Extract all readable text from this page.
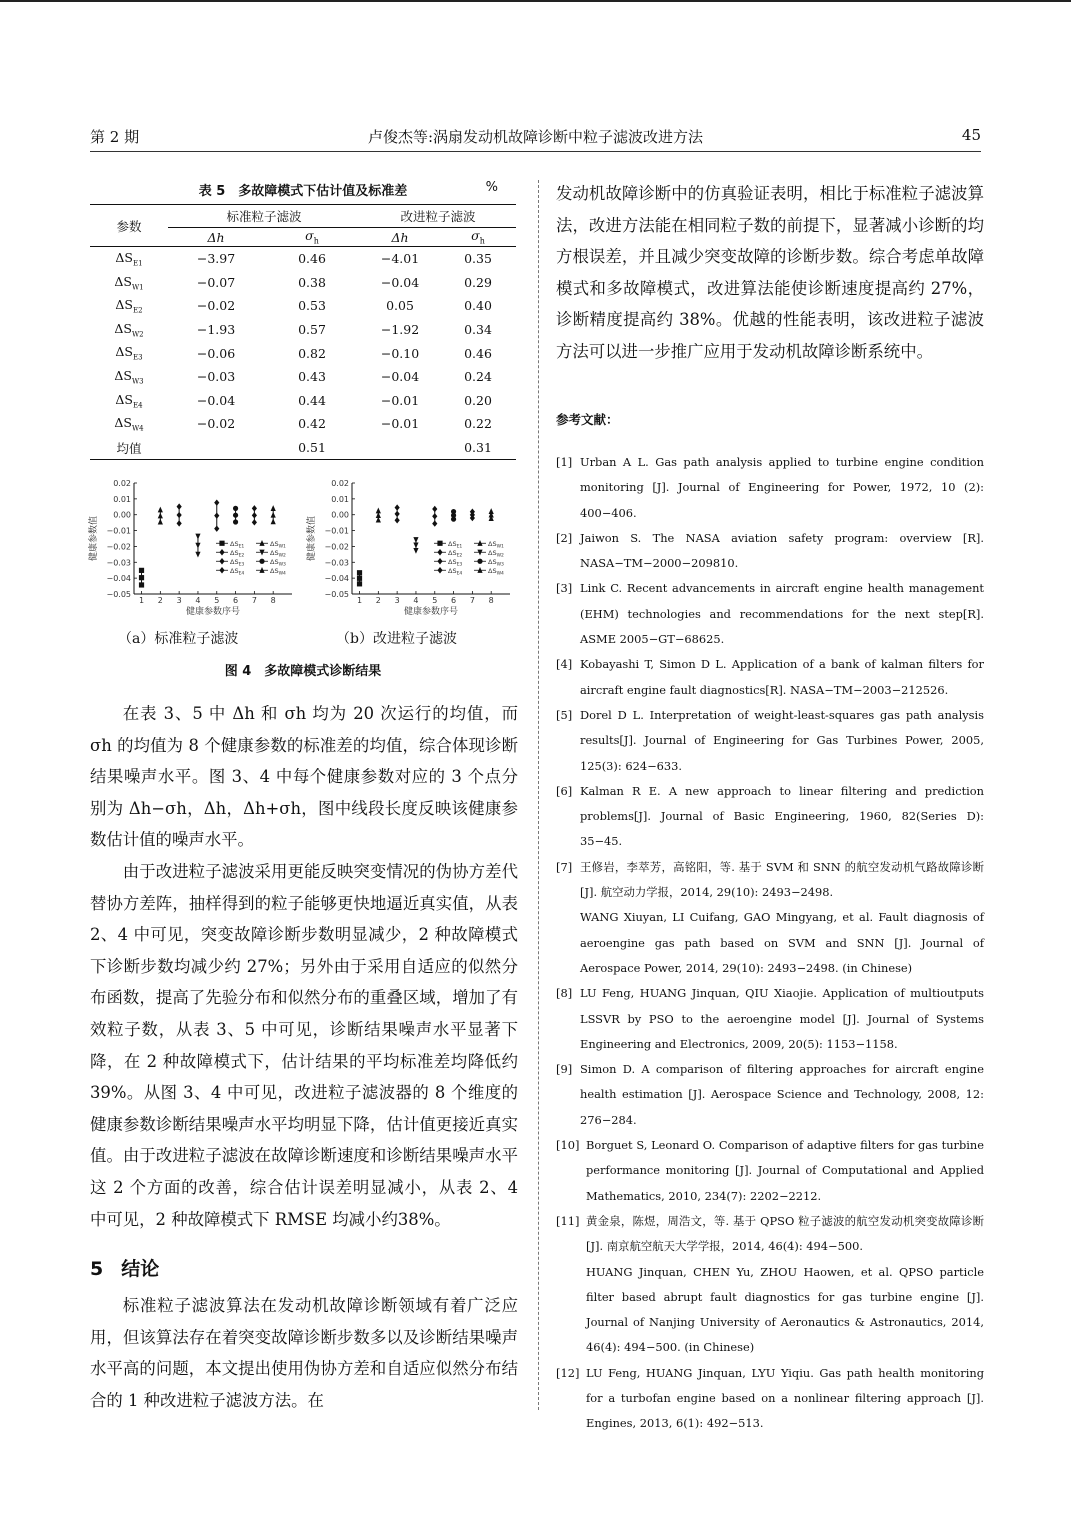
第 2 期	卢俊杰等:涡扇发动机故障诊断中粒子滤波改进方法	45
表 5　多故障模式下估计值及标准差	%
参数	标准粒子滤波		改进粒子滤波	
	Δh	$\sigma_h$	Δh	$\sigma_h$
$\Delta S_{E1}$	−3.97	0.46	−4.01	0.35
$\Delta S_{W1}$	−0.07	0.38	−0.04	0.29
$\Delta S_{E2}$	−0.02	0.53	0.05	0.40
$\Delta S_{W2}$	−1.93	0.57	−1.92	0.34
$\Delta S_{E3}$	−0.06	0.82	−0.10	0.46
$\Delta S_{W3}$	−0.03	0.43	−0.04	0.24
$\Delta S_{E4}$	−0.04	0.44	−0.01	0.20
$\Delta S_{W4}$	−0.02	0.42	−0.01	0.22
均值		0.51		0.31
0.02
0.01
0.00
−0.01
−0.02
−0.03
−0.04
−0.05
1 2 3 4 5 6 7 8
健康参数序号
健康参数值	$\Delta S_{E1}$	$\Delta S_{W1}$
$\Delta S_{E2}$	$\Delta S_{W2}$
$\Delta S_{E3}$	$\Delta S_{W3}$
$\Delta S_{E4}$	$\Delta S_{W4}$
0.02
0.01
0.00
−0.01
−0.02
−0.03
−0.04
−0.05
1 2 3 4 5 6 7 8
健康参数序号
健康参数值	$\Delta S_{E1}$	$\Delta S_{W1}$
$\Delta S_{E2}$	$\Delta S_{W2}$
$\Delta S_{E3}$	$\Delta S_{W3}$
$\Delta S_{E4}$	$\Delta S_{W4}$
（a）标准粒子滤波	（b）改进粒子滤波
图 4　多故障模式诊断结果

在表 3、5 中 Δh 和 σh 均为 20 次运行的均值，而 σh 的均值为 8 个健康参数的标准差的均值，综合体现诊断结果噪声水平。图 3、4 中每个健康参数对应的 3 个点分别为 Δh−σh，Δh，Δh+σh，图中线段长度反映该健康参数估计值的噪声水平。

由于改进粒子滤波采用更能反映突变情况的伪协方差代替协方差阵，抽样得到的粒子能够更快地逼近真实值，从表 2、4 中可见，突变故障诊断步数明显减少，2 种故障模式下诊断步数均减少约 27%；另外由于采用自适应的似然分布函数，提高了先验分布和似然分布的重叠区域，增加了有效粒子数，从表 3、5 中可见，诊断结果噪声水平显著下降，在 2 种故障模式下，估计结果的平均标准差均降低约 39%。从图 3、4 中可见，改进粒子滤波器的 8 个维度的健康参数诊断结果噪声水平均明显下降，估计值更接近真实值。由于改进粒子滤波在故障诊断速度和诊断结果噪声水平这 2 个方面的改善，综合估计误差明显减小，从表 2、4 中可见，2 种故障模式下 RMSE 均减小约38%。

5 结论

标准粒子滤波算法在发动机故障诊断领域有着广泛应用，但该算法存在着突变故障诊断步数多以及诊断结果噪声水平高的问题，本文提出使用伪协方差和自适应似然分布结合的 1 种改进粒子滤波方法。在

发动机故障诊断中的仿真验证表明，相比于标准粒子滤波算法，改进方法能在相同粒子数的前提下，显著减小诊断的均方根误差，并且减少突变故障的诊断步数。综合考虑单故障模式和多故障模式，改进算法能使诊断速度提高约 27%，诊断精度提高约 38%。优越的性能表明，该改进粒子滤波方法可以进一步推广应用于发动机故障诊断系统中。
参考文献：
[1] Urban A L. Gas path analysis applied to turbine engine condition monitoring [J]. Journal of Engineering for Power, 1972, 10 (2): 400−406.
[2] Jaiwon S. The NASA aviation safety program: overview [R]. NASA−TM−2000−209810.
[3] Link C. Recent advancements in aircraft engine health management (EHM) technologies and recommendations for the next step[R]. ASME 2005−GT−68625.
[4] Kobayashi T, Simon D L. Application of a bank of kalman filters for aircraft engine fault diagnostics[R]. NASA−TM−2003−212526.
[5] Dorel D L. Interpretation of weight-least-squares gas path analysis results[J]. Journal of Engineering for Gas Turbines Power, 2005, 125(3): 624−633.
[6] Kalman R E. A new approach to linear filtering and prediction problems[J]. Journal of Basic Engineering, 1960, 82(Series D): 35−45.
[7] 王修岩，李萃芳，高铭阳，等. 基于 SVM 和 SNN 的航空发动机气路故障诊断[J]. 航空动力学报，2014, 29(10): 2493−2498.
WANG Xiuyan, LI Cuifang, GAO Mingyang, et al. Fault diagnosis of aeroengine gas path based on SVM and SNN [J]. Journal of Aerospace Power, 2014, 29(10): 2493−2498. (in Chinese)
[8] LU Feng, HUANG Jinquan, QIU Xiaojie. Application of multioutputs LSSVR by PSO to the aeroengine model [J]. Journal of Systems Engineering and Electronics, 2009, 20(5): 1153−1158.
[9] Simon D. A comparison of filtering approaches for aircraft engine health estimation [J]. Aerospace Science and Technology, 2008, 12: 276−284.
[10] Borguet S, Leonard O. Comparison of adaptive filters for gas turbine performance monitoring [J]. Journal of Computational and Applied Mathematics, 2010, 234(7): 2202−2212.
[11] 黄金泉，陈煜，周浩文，等. 基于 QPSO 粒子滤波的航空发动机突变故障诊断[J]. 南京航空航天大学学报，2014, 46(4): 494−500.
HUANG Jinquan, CHEN Yu, ZHOU Haowen, et al. QPSO particle filter based abrupt fault diagnostics for gas turbine engine [J]. Journal of Nanjing University of Aeronautics & Astronautics, 2014, 46(4): 494−500. (in Chinese)
[12] LU Feng, HUANG Jinquan, LYU Yiqiu. Gas path health monitoring for a turbofan engine based on a nonlinear filtering approach [J]. Engines, 2013, 6(1): 492−513.
